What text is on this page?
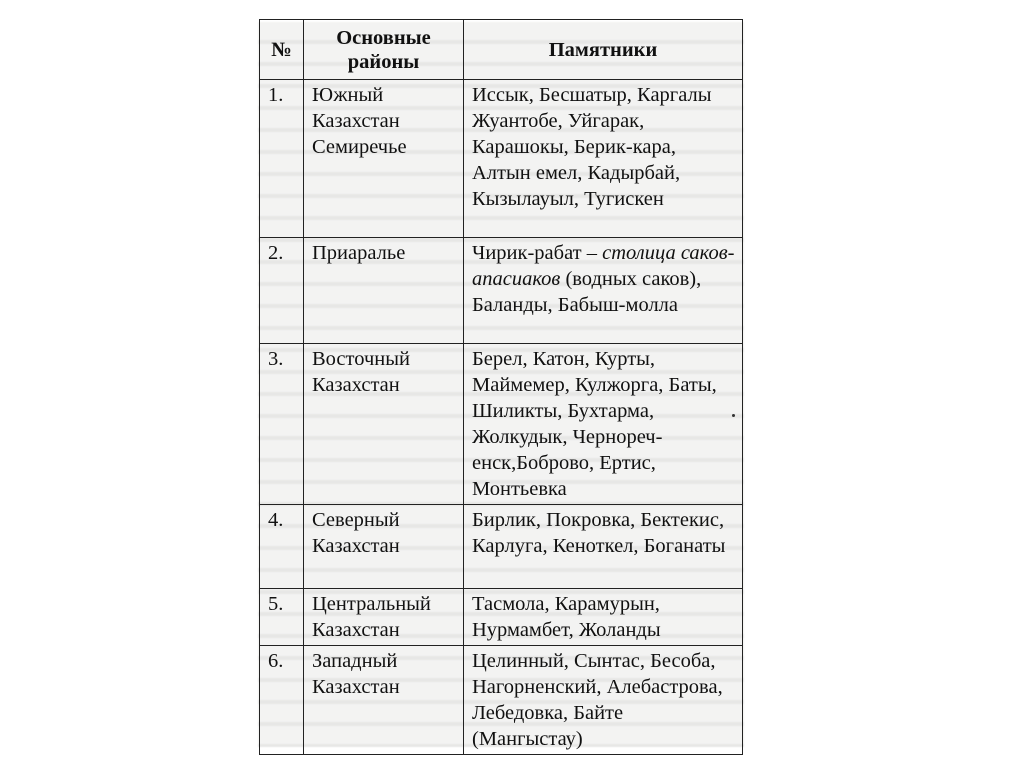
№	Основные районы	Памятники
1.	Южный Казахстан Семиречье	Иссык, Бесшатыр, Каргалы Жуантобе, Уйгарак, Карашокы, Берик-кара,  Алтын емел, Кадырбай, Кызылауыл, Тугискен
2.	Приаралье	Чирик-рабат – столица саков-апасиаков (водных саков), Баланды, Бабыш-молла
3.	Восточный Казахстан	Берел, Катон, Курты, Маймемер, Кулжорга, Баты, Шиликты, Бухтарма, Жолкудык, Чернореч-енск,Боброво, Ертис, Монтьевка
4.	Северный Казахстан	Бирлик, Покровка, Бектекис, Карлуга, Кеноткел, Боганаты
5.	Центральный Казахстан	Тасмола, Карамурын, Нурмамбет, Жоланды
6.	Западный Казахстан	Целинный, Сынтас, Бесоба, Нагорненский, Алебастрова,  Лебедовка, Байте (Мангыстау)
